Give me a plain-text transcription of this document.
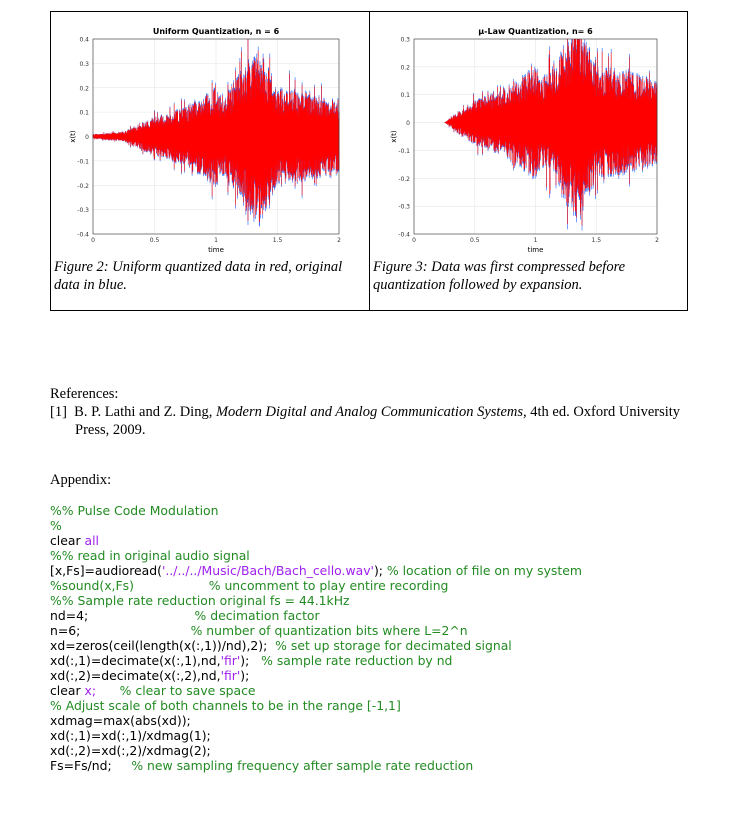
Uniform Quantization, n = 6
0.4
0.3
0.2
0.1
0
-0.1
-0.2
-0.3
-0.4
0	0.5	1	1.5	2
time
x(t)
Figure 2: Uniform quantized data in red, original data in blue.
μ-Law Quantization, n= 6
0.3
0.2
0.1
0
-0.1
-0.2
-0.3
-0.4
0	0.5	1	1.5	2
time
x(t)
Figure 3: Data was first compressed before quantization followed by expansion.
References:
[1] B. P. Lathi and Z. Ding, Modern Digital and Analog Communication Systems, 4th ed. Oxford University Press, 2009.
Appendix:
%% Pulse Code Modulation
%
clear all
%% read in original audio signal
[x,Fs]=audioread('../../../Music/Bach/Bach_cello.wav'); % location of file on my system
%sound(x,Fs)                   % uncomment to play entire recording
%% Sample rate reduction original fs = 44.1kHz
nd=4;                           % decimation factor
n=6;                            % number of quantization bits where L=2^n
xd=zeros(ceil(length(x(:,1))/nd),2);  % set up storage for decimated signal
xd(:,1)=decimate(x(:,1),nd,'fir');   % sample rate reduction by nd
xd(:,2)=decimate(x(:,2),nd,'fir');
clear x; % clear to save space
% Adjust scale of both channels to be in the range [-1,1]
xdmag=max(abs(xd));
xd(:,1)=xd(:,1)/xdmag(1);
xd(:,2)=xd(:,2)/xdmag(2);
Fs=Fs/nd;     % new sampling frequency after sample rate reduction
